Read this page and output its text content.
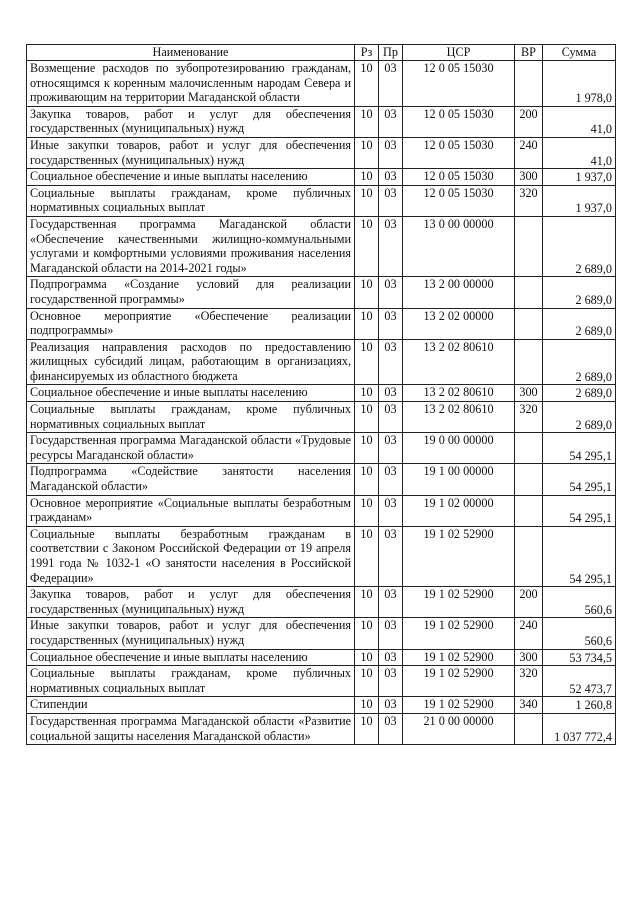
Наименование	Рз	Пр	ЦСР	ВР	Сумма
Возмещение расходов по зубопротезированию гражданам, относящимся к коренным малочисленным народам Севера и проживающим на территории Магаданской области	10	03	12 0 05 15030		1 978,0
Закупка товаров, работ и услуг для обеспечения государственных (муниципальных) нужд	10	03	12 0 05 15030	200	41,0
Иные закупки товаров, работ и услуг для обеспечения государственных (муниципальных) нужд	10	03	12 0 05 15030	240	41,0
Социальное обеспечение и иные выплаты населению	10	03	12 0 05 15030	300	1 937,0
Социальные выплаты гражданам, кроме публичных нормативных социальных выплат	10	03	12 0 05 15030	320	1 937,0
Государственная программа Магаданской области «Обеспечение качественными жилищно-коммунальными услугами и комфортными условиями проживания населения Магаданской области на 2014-2021 годы»	10	03	13 0 00 00000		2 689,0
Подпрограмма «Создание условий для реализации государственной программы»	10	03	13 2 00 00000		2 689,0
Основное мероприятие «Обеспечение реализации подпрограммы»	10	03	13 2 02 00000		2 689,0
Реализация направления расходов по предоставлению жилищных субсидий лицам, работающим в организациях, финансируемых из областного бюджета	10	03	13 2 02 80610		2 689,0
Социальное обеспечение и иные выплаты населению	10	03	13 2 02 80610	300	2 689,0
Социальные выплаты гражданам, кроме публичных нормативных социальных выплат	10	03	13 2 02 80610	320	2 689,0
Государственная программа Магаданской области «Трудовые ресурсы Магаданской области»	10	03	19 0 00 00000		54 295,1
Подпрограмма «Содействие занятости населения Магаданской области»	10	03	19 1 00 00000		54 295,1
Основное мероприятие «Социальные выплаты безработным гражданам»	10	03	19 1 02 00000		54 295,1
Социальные выплаты безработным гражданам в соответствии с Законом Российской Федерации от 19 апреля 1991 года № 1032-1 «О занятости населения в Российской Федерации»	10	03	19 1 02 52900		54 295,1
Закупка товаров, работ и услуг для обеспечения государственных (муниципальных) нужд	10	03	19 1 02 52900	200	560,6
Иные закупки товаров, работ и услуг для обеспечения государственных (муниципальных) нужд	10	03	19 1 02 52900	240	560,6
Социальное обеспечение и иные выплаты населению	10	03	19 1 02 52900	300	53 734,5
Социальные выплаты гражданам, кроме публичных нормативных социальных выплат	10	03	19 1 02 52900	320	52 473,7
Стипендии	10	03	19 1 02 52900	340	1 260,8
Государственная программа Магаданской области «Развитие социальной защиты населения Магаданской области»	10	03	21 0 00 00000		1 037 772,4
